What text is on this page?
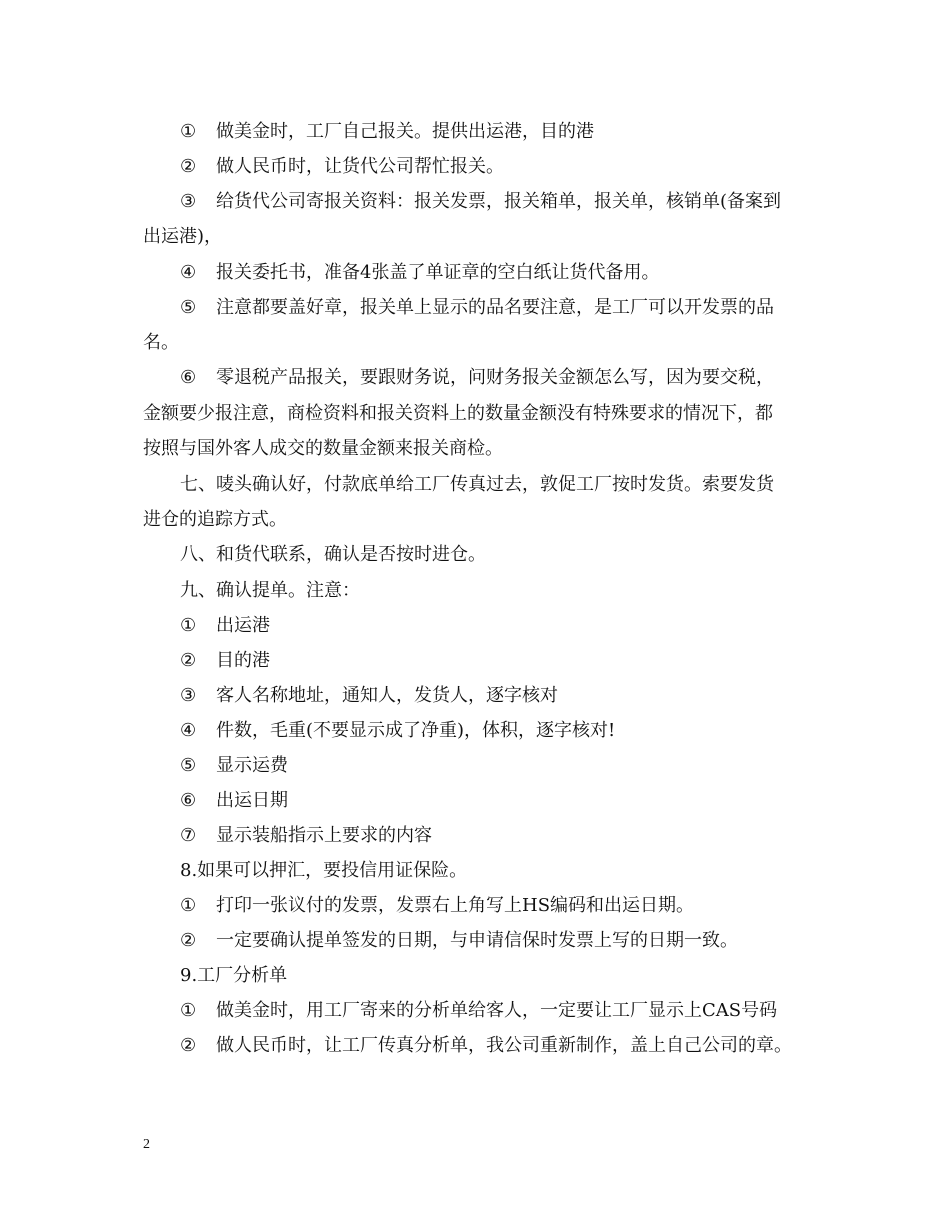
① 做美金时，工厂自己报关。提供出运港，目的港
② 做人民币时，让货代公司帮忙报关。
③ 给货代公司寄报关资料：报关发票，报关箱单，报关单，核销单(备案到
出运港)，
④ 报关委托书，准备4张盖了单证章的空白纸让货代备用。
⑤ 注意都要盖好章，报关单上显示的品名要注意，是工厂可以开发票的品
名。
⑥ 零退税产品报关，要跟财务说，问财务报关金额怎么写，因为要交税，
金额要少报注意，商检资料和报关资料上的数量金额没有特殊要求的情况下，都
按照与国外客人成交的数量金额来报关商检。
七、唛头确认好，付款底单给工厂传真过去，敦促工厂按时发货。索要发货
进仓的追踪方式。
八、和货代联系，确认是否按时进仓。
九、确认提单。注意：
① 出运港
② 目的港
③ 客人名称地址，通知人，发货人，逐字核对
④ 件数，毛重(不要显示成了净重)，体积，逐字核对!
⑤ 显示运费
⑥ 出运日期
⑦ 显示装船指示上要求的内容
8.如果可以押汇，要投信用证保险。
① 打印一张议付的发票，发票右上角写上HS编码和出运日期。
② 一定要确认提单签发的日期，与申请信保时发票上写的日期一致。
9.工厂分析单
① 做美金时，用工厂寄来的分析单给客人，一定要让工厂显示上CAS号码
② 做人民币时，让工厂传真分析单，我公司重新制作，盖上自己公司的章。
2
